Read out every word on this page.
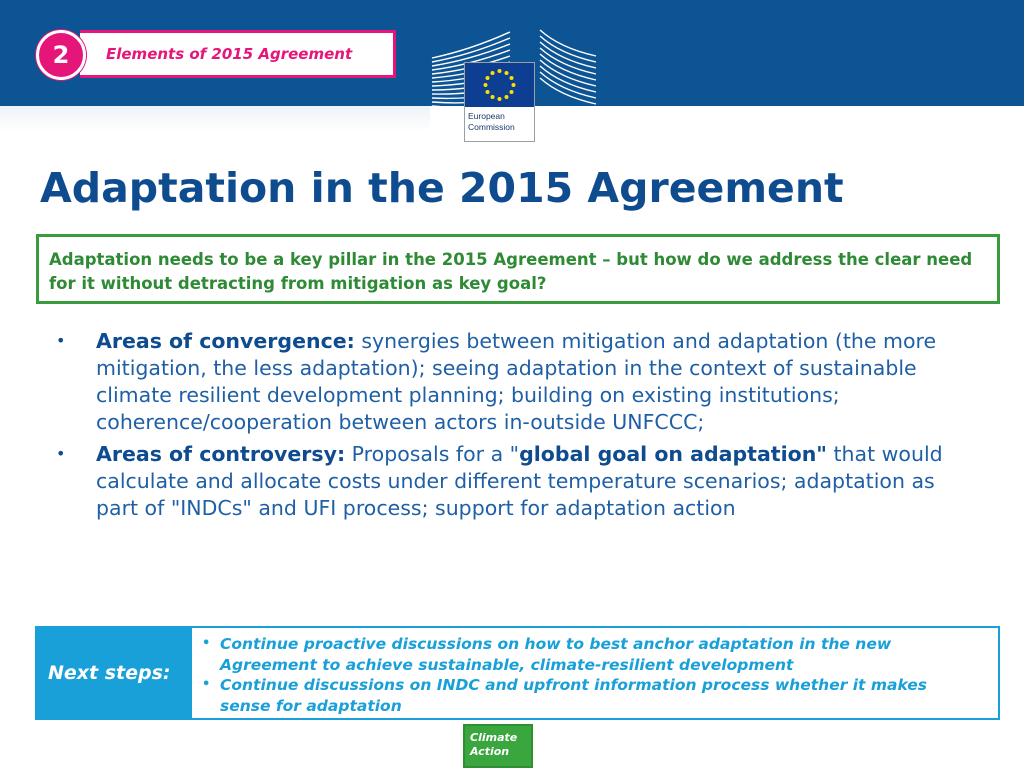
Elements of 2015 Agreement
2
European
Commission
Adaptation in the 2015 Agreement
Adaptation needs to be a key pillar in the 2015 Agreement – but how do we address the clear need for it without detracting from mitigation as key goal?
•	Areas of convergence: synergies between mitigation and adaptation (the more mitigation, the less adaptation); seeing adaptation in the context of sustainable climate resilient development planning; building on existing institutions; coherence/cooperation between actors in-outside UNFCCC;
•	Areas of controversy: Proposals for a "global goal on adaptation" that would calculate and allocate costs under different temperature scenarios; adaptation as part of "INDCs" and UFI process; support for adaptation action
Next steps:
• Continue proactive discussions on how to best anchor adaptation in the new Agreement to achieve sustainable, climate-resilient development
• Continue discussions on INDC and upfront information process whether it makes sense for adaptation
Climate
Action
